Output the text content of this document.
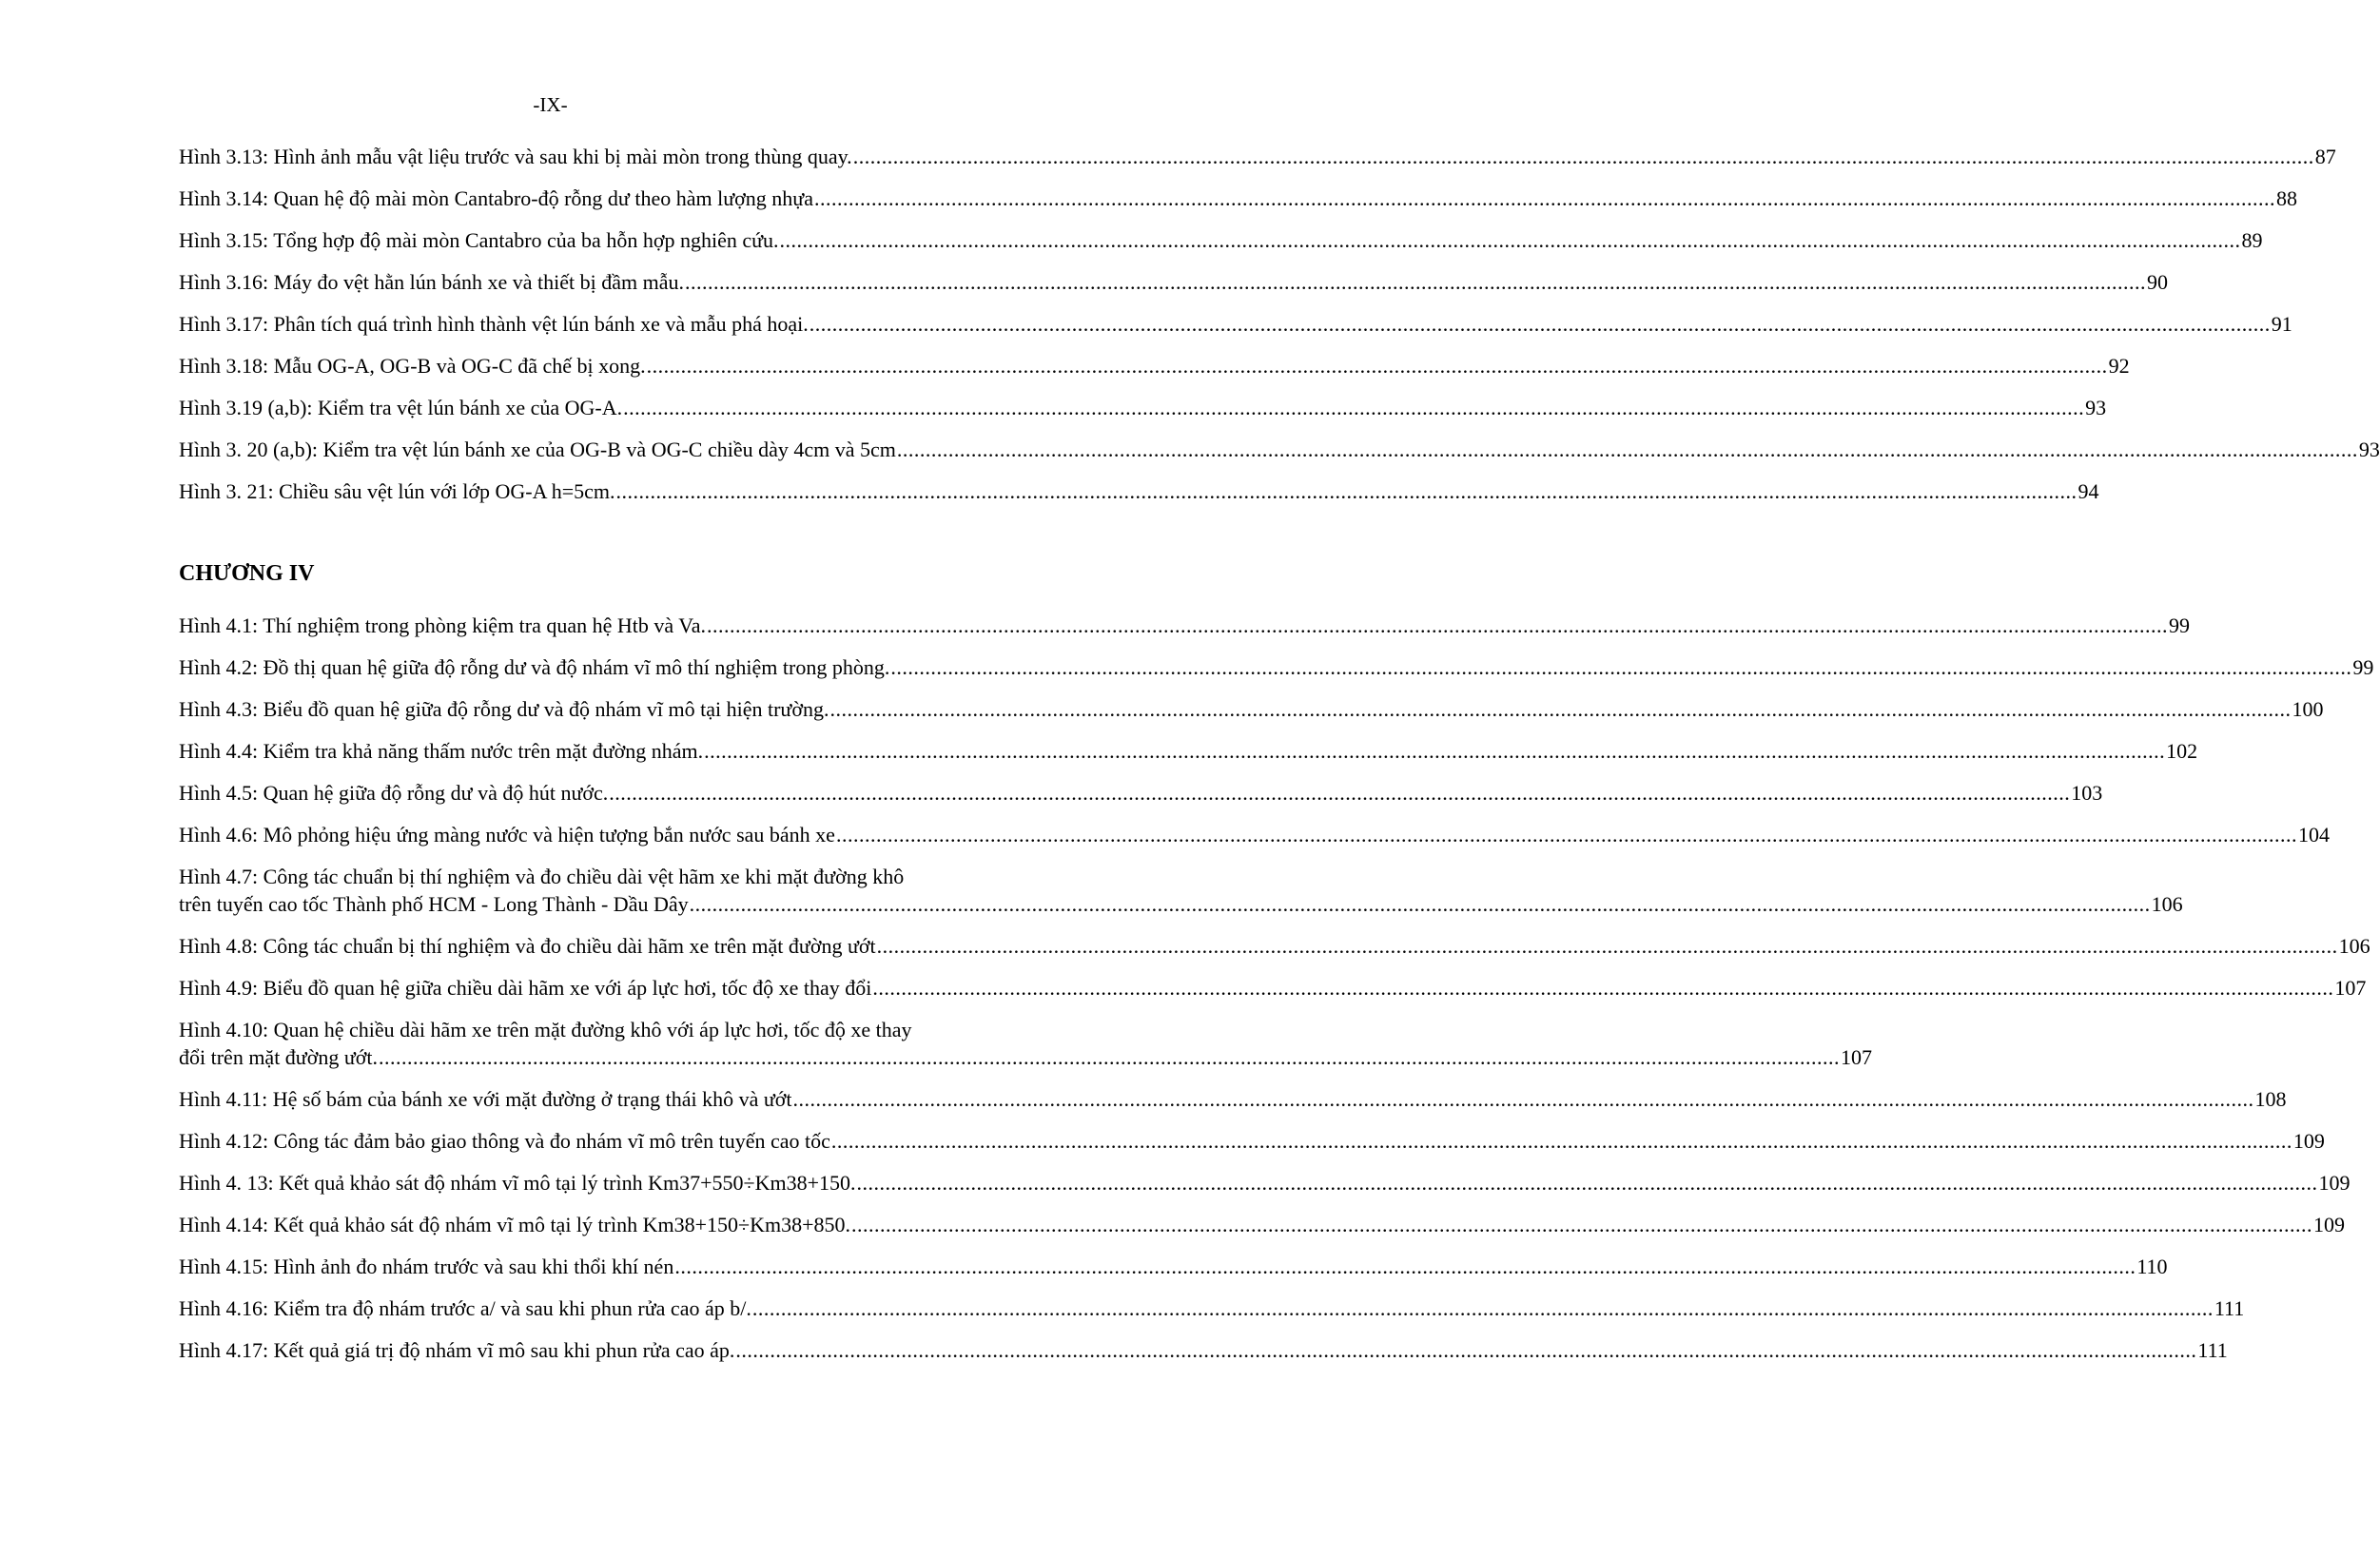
-IX-
Hình 3.13: Hình ảnh mẫu vật liệu trước và sau khi bị mài mòn trong thùng quay. .....	87
Hình 3.14: Quan hệ độ mài mòn Cantabro-độ rỗng dư theo hàm lượng nhựa .....	88
Hình 3.15: Tổng hợp độ mài mòn Cantabro của ba hỗn hợp nghiên cứu. .....	89
Hình 3.16: Máy đo vệt hằn lún bánh xe và thiết bị đầm mẫu. .....	90
Hình 3.17: Phân tích quá trình hình thành vệt lún bánh xe và mẫu phá hoại. .....	91
Hình 3.18: Mẫu OG-A, OG-B và OG-C đã chế bị xong. .....	92
Hình 3.19 (a,b): Kiểm tra vệt lún bánh xe của OG-A. .....	93
Hình 3. 20 (a,b): Kiểm tra vệt lún bánh xe của OG-B và OG-C chiều dày 4cm và 5cm .....	93
Hình 3. 21: Chiều sâu vệt lún với lớp OG-A h=5cm. .....	94
CHƯƠNG IV
Hình 4.1: Thí nghiệm trong phòng kiệm tra quan hệ Htb và Va. .....	99
Hình 4.2: Đồ thị quan hệ giữa độ rỗng dư và độ nhám vĩ mô thí nghiệm trong phòng. .....	99
Hình 4.3: Biểu đồ quan hệ giữa độ rỗng dư và độ nhám vĩ mô tại hiện trường. .....	100
Hình 4.4: Kiểm tra khả năng thấm nước trên mặt đường nhám. .....	102
Hình 4.5: Quan hệ giữa độ rỗng dư và độ hút nước. .....	103
Hình 4.6: Mô phỏng hiệu ứng màng nước và hiện tượng bắn nước sau bánh xe .....	104
Hình 4.7: Công tác chuẩn bị thí nghiệm và đo chiều dài vệt hãm xe khi mặt đường khô
trên tuyến cao tốc Thành phố HCM - Long Thành - Dầu Dây .....	106
Hình 4.8: Công tác chuẩn bị thí nghiệm và đo chiều dài hãm xe trên mặt đường ướt .....	106
Hình 4.9: Biểu đồ quan hệ giữa chiều dài hãm xe với áp lực hơi, tốc độ xe thay đổi .....	107
Hình 4.10: Quan hệ chiều dài hãm xe trên mặt đường khô với áp lực hơi, tốc độ xe thay
đổi trên mặt đường ướt. .....	107
Hình 4.11: Hệ số bám của bánh xe với mặt đường ở trạng thái khô và ướt .....	108
Hình 4.12: Công tác đảm bảo giao thông và đo nhám vĩ mô trên tuyến cao tốc .....	109
Hình 4. 13: Kết quả khảo sát độ nhám vĩ mô tại lý trình Km37+550÷Km38+150. .....	109
Hình 4.14: Kết quả khảo sát độ nhám vĩ mô tại lý trình Km38+150÷Km38+850. .....	109
Hình 4.15: Hình ảnh đo nhám trước và sau khi thổi khí nén .....	110
Hình 4.16: Kiểm tra độ nhám trước a/ và sau khi phun rửa cao áp b/. .....	111
Hình 4.17: Kết quả giá trị độ nhám vĩ mô sau khi phun rửa cao áp. .....	111
